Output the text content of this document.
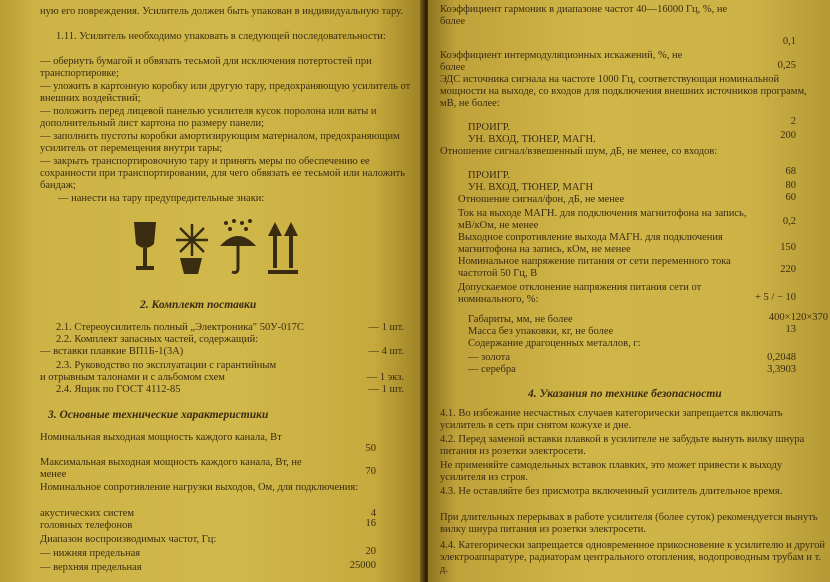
ную его повреждения. Усилитель должен быть упакован в индивидуальную тару.
1.11. Усилитель необходимо упаковать в следующей последовательности:
— обернуть бумагой и обвязать тесьмой для исключения потертостей при транспортировке;
— уложить в картонную коробку или другую тару, предохраняющую усилитель от внешних воздействий;
— положить перед лицевой панелью усилителя кусок поролона или ваты и дополнительный лист картона по размеру панели;
— заполнить пустоты коробки амортизирующим материалом, предохраняющим усилитель от перемещения внутри тары;
— закрыть транспортировочную тару и принять меры по обеспечению ее сохранности при транспортировании, для чего обвязать ее тесьмой или наложить бандаж;
— нанести на тару предупредительные знаки:
2. Комплект поставки
2.1. Стереоусилитель полный „Электроника" 50У-017С	— 1 шт.
2.2. Комплект запасных частей, содержащий:
— вставки плавкие ВП1Б-1(3А)	— 4 шт.
2.3. Руководство по эксплуатации с гарантийным
и отрывным талонами и с альбомом схем	— 1 экз.
2.4. Ящик по ГОСТ 4112-85	— 1 шт.
3. Основные технические характеристики
Номинальная выходная мощность каждого канала, Вт
50
Максимальная выходная мощность каждого канала, Вт, не менее	70
Номинальное сопротивление нагрузки выходов, Ом, для подключения:
акустических систем	4
головных телефонов	16
Диапазон воспроизводимых частот, Гц:
— нижняя предельная	20
— верхняя предельная	25000
Коэффициент гармоник в диапазоне частот 40—16000 Гц, %, не более
0,1
Коэффициент интермодуляционных искажений, %, не более	0,25
ЭДС источника сигнала на частоте 1000 Гц, соответствующая номинальной мощности на выходе, со входов для подключения внешних источников программ, мВ, не более:
ПРОИГР.
2
УН. ВХОД, ТЮНЕР, МАГН.	200
Отношение сигнал/взвешенный шум, дБ, не менее, со входов:
ПРОИГР.	68
УН. ВХОД, ТЮНЕР, МАГН	80
Отношение сигнал/фон, дБ, не менее	60
Ток на выходе МАГН. для подключения магнитофона на запись, мВ/кОм, не менее	0,2
Выходное сопротивление выхода МАГН. для подключения магнитофона на запись, кОм, не менее	150
Номинальное напряжение питания от сети переменного тока частотой 50 Гц, В	220
Допускаемое отклонение напряжения питания сети от номинального, %:	+ 5 / − 10
Габариты, мм, не более	400×120×370
Масса без упаковки, кг, не более	13
Содержание драгоценных металлов, г:
— золота	0,2048
— серебра	3,3903
4. Указания по технике безопасности
4.1. Во избежание несчастных случаев категорически запрещается включать усилитель в сеть при снятом кожухе и дне.
4.2. Перед заменой вставки плавкой в усилителе не забудьте вынуть вилку шнура питания из розетки электросети.
Не применяйте самодельных вставок плавких, это может привести к выходу усилителя из строя.
4.3. Не оставляйте без присмотра включенный усилитель длительное время.
При длительных перерывах в работе усилителя (более суток) рекомендуется вынуть вилку шнура питания из розетки электросети.
4.4. Категорически запрещается одновременное прикосновение к усилителю и другой электроаппаратуре, радиаторам центрального отопления, водопроводным трубам и т. д.
